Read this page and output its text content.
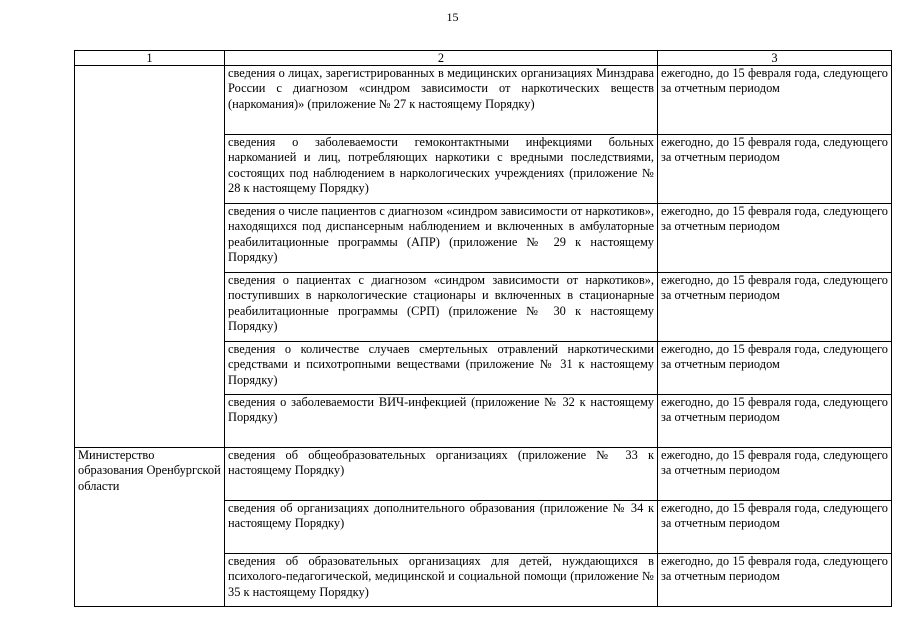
15
1	2	3
	сведения о лицах, зарегистрированных в медицинских организациях Минздрава России с диагнозом «синдром зависимости от наркотических веществ (наркомания)» (приложение № 27 к настоящему Порядку)	ежегодно, до 15 февраля года, следующего за отчетным периодом
	сведения о заболеваемости гемоконтактными инфекциями больных наркоманией и лиц, потребляющих наркотики с вредными последствиями, состоящих под наблюдением в наркологических учреждениях (приложение № 28 к настоящему Порядку)	ежегодно, до 15 февраля года, следующего за отчетным периодом
	сведения о числе пациентов с диагнозом «синдром зависимости от наркотиков», находящихся под диспансерным наблюдением и включенных в амбулаторные реабилитационные программы (АПР) (приложение № 29 к настоящему Порядку)	ежегодно, до 15 февраля года, следующего за отчетным периодом
	сведения о пациентах с диагнозом «синдром зависимости от наркотиков», поступивших в наркологические стационары и включенных в стационарные реабилитационные программы (СРП) (приложение № 30 к настоящему Порядку)	ежегодно, до 15 февраля года, следующего за отчетным периодом
	сведения о количестве случаев смертельных отравлений наркотическими средствами и психотропными веществами (приложение № 31 к настоящему Порядку)	ежегодно, до 15 февраля года, следующего за отчетным периодом
	сведения о заболеваемости ВИЧ-инфекцией (приложение № 32 к настоящему Порядку)	ежегодно, до 15 февраля года, следующего за отчетным периодом
Министерство образования Оренбургской области	сведения об общеобразовательных организациях (приложение № 33 к настоящему Порядку)	ежегодно, до 15 февраля года, следующего за отчетным периодом
	сведения об организациях дополнительного образования (приложение № 34 к настоящему Порядку)	ежегодно, до 15 февраля года, следующего за отчетным периодом
	сведения об образовательных организациях для детей, нуждающихся в психолого-педагогической, медицинской и социальной помощи (приложение № 35 к настоящему Порядку)	ежегодно, до 15 февраля года, следующего за отчетным периодом
